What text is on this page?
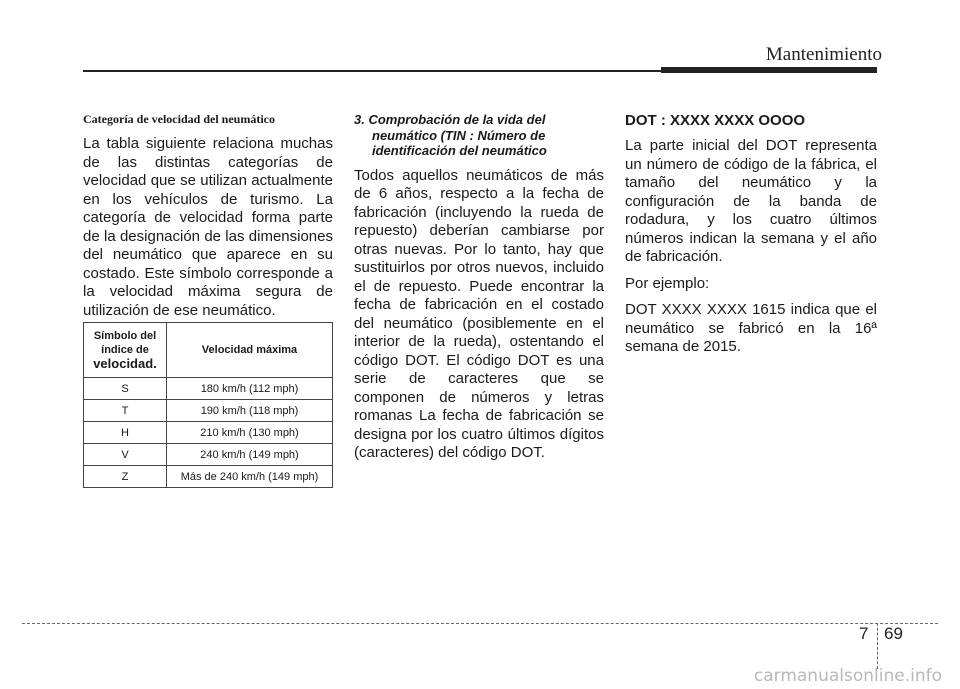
Mantenimiento
Categoría de velocidad del neumático

La tabla siguiente relaciona muchas de las distintas categorías de velocidad que se utilizan actualmente en los vehículos de turismo. La categoría de velocidad forma parte de la designación de las dimensiones del neumático que aparece en su costado. Este símbolo corresponde a la velocidad máxima segura de utilización de ese neumático.

Símbolo del
índice de
velocidad.	Velocidad máxima
S	180 km/h (112 mph)
T	190 km/h (118 mph)
H	210 km/h (130 mph)
V	240 km/h (149 mph)
Z	Más de 240 km/h (149 mph)
3. Comprobación de la vida del
neumático (TIN : Número de
identificación del neumático

Todos aquellos neumáticos de más de 6 años, respecto a la fecha de fabricación (incluyendo la rueda de repuesto) deberían cambiarse por otras nuevas. Por lo tanto, hay que sustituirlos por otros nuevos, incluido el de repuesto. Puede encontrar la fecha de fabricación en el costado del neumático (posiblemente en el interior de la rueda), ostentando el código DOT. El código DOT es una serie de caracteres que se componen de números y letras romanas La fecha de fabricación se designa por los cuatro últimos dígitos (caracteres) del código DOT.

DOT : XXXX XXXX OOOO

La parte inicial del DOT representa un número de código de la fábrica, el tamaño del neumático y la configuración de la banda de rodadura, y los cuatro últimos números indican la semana y el año de fabricación.

Por ejemplo:

DOT XXXX XXXX 1615 indica que el neumático se fabricó en la 16ª semana de 2015.

7 69
carmanualsonline.info
